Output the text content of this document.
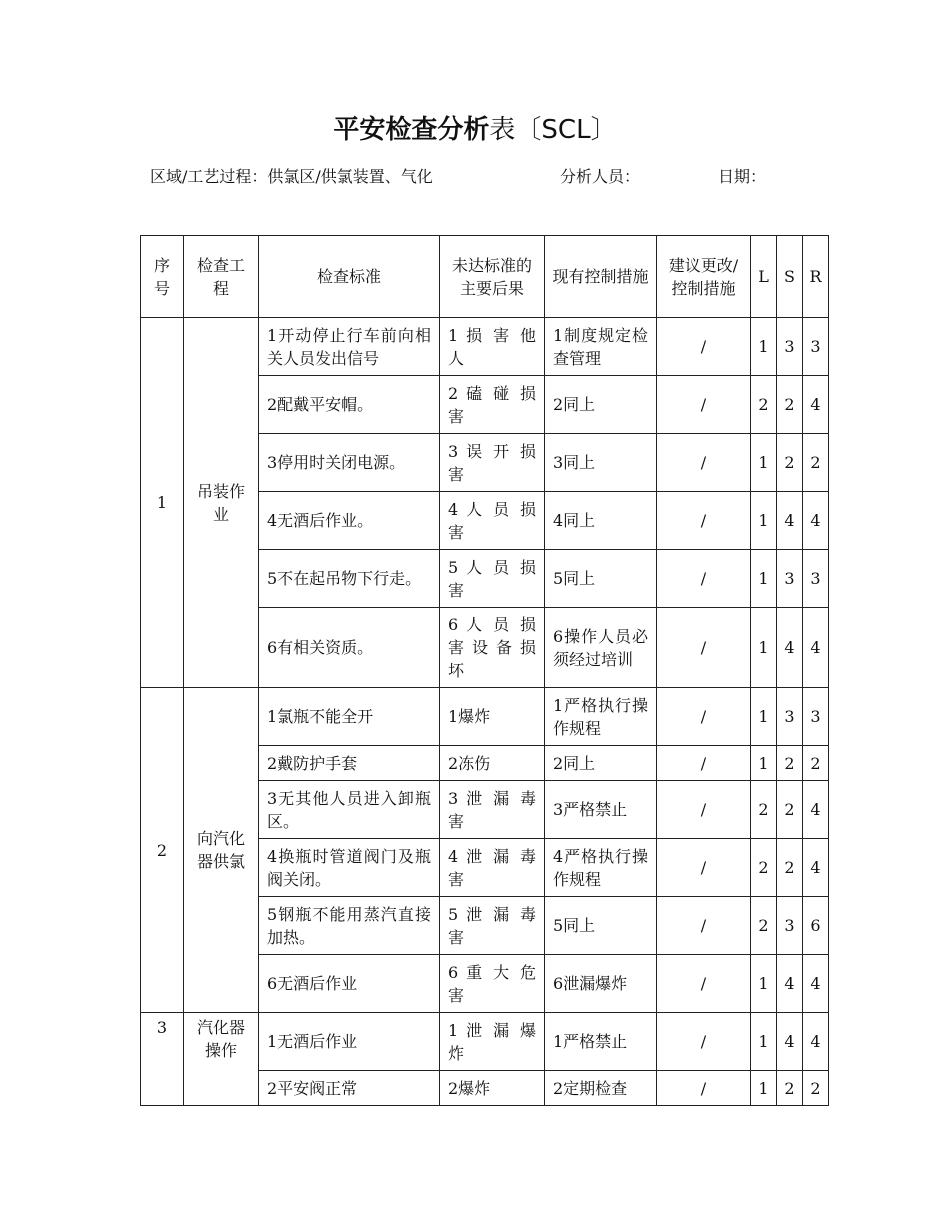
平安检查分析表〔SCL〕
区域/工艺过程：供氯区/供氯装置、气化	分析人员：	日期：
序号	检查工程	检查标准	未达标准的主要后果	现有控制措施	建议更改/控制措施	L	S	R
1	吊装作业	1开动停止行车前向相关人员发出信号	1 损 害 他 人	1制度规定检查管理	/	1	3	3
		2配戴平安帽。	2 磕 碰 损 害	2同上	/	2	2	4
		3停用时关闭电源。	3 误 开 损 害	3同上	/	1	2	2
		4无酒后作业。	4 人 员 损 害	4同上	/	1	4	4
		5不在起吊物下行走。	5 人 员 损 害	5同上	/	1	3	3
		6有相关资质。	6 人 员 损 害 设 备 损坏	6操作人员必须经过培训	/	1	4	4
2	向汽化器供氯	1氯瓶不能全开	1爆炸	1严格执行操作规程	/	1	3	3
		2戴防护手套	2冻伤	2同上	/	1	2	2
		3无其他人员进入卸瓶区。	3 泄 漏 毒 害	3严格禁止	/	2	2	4
		4换瓶时管道阀门及瓶阀关闭。	4 泄 漏 毒 害	4严格执行操作规程	/	2	2	4
		5钢瓶不能用蒸汽直接加热。	5 泄 漏 毒 害	5同上	/	2	3	6
		6无酒后作业	6 重 大 危 害	6泄漏爆炸	/	1	4	4
3	汽化器操作	1无酒后作业	1 泄 漏 爆 炸	1严格禁止	/	1	4	4
		2平安阀正常	2爆炸	2定期检查	/	1	2	2
